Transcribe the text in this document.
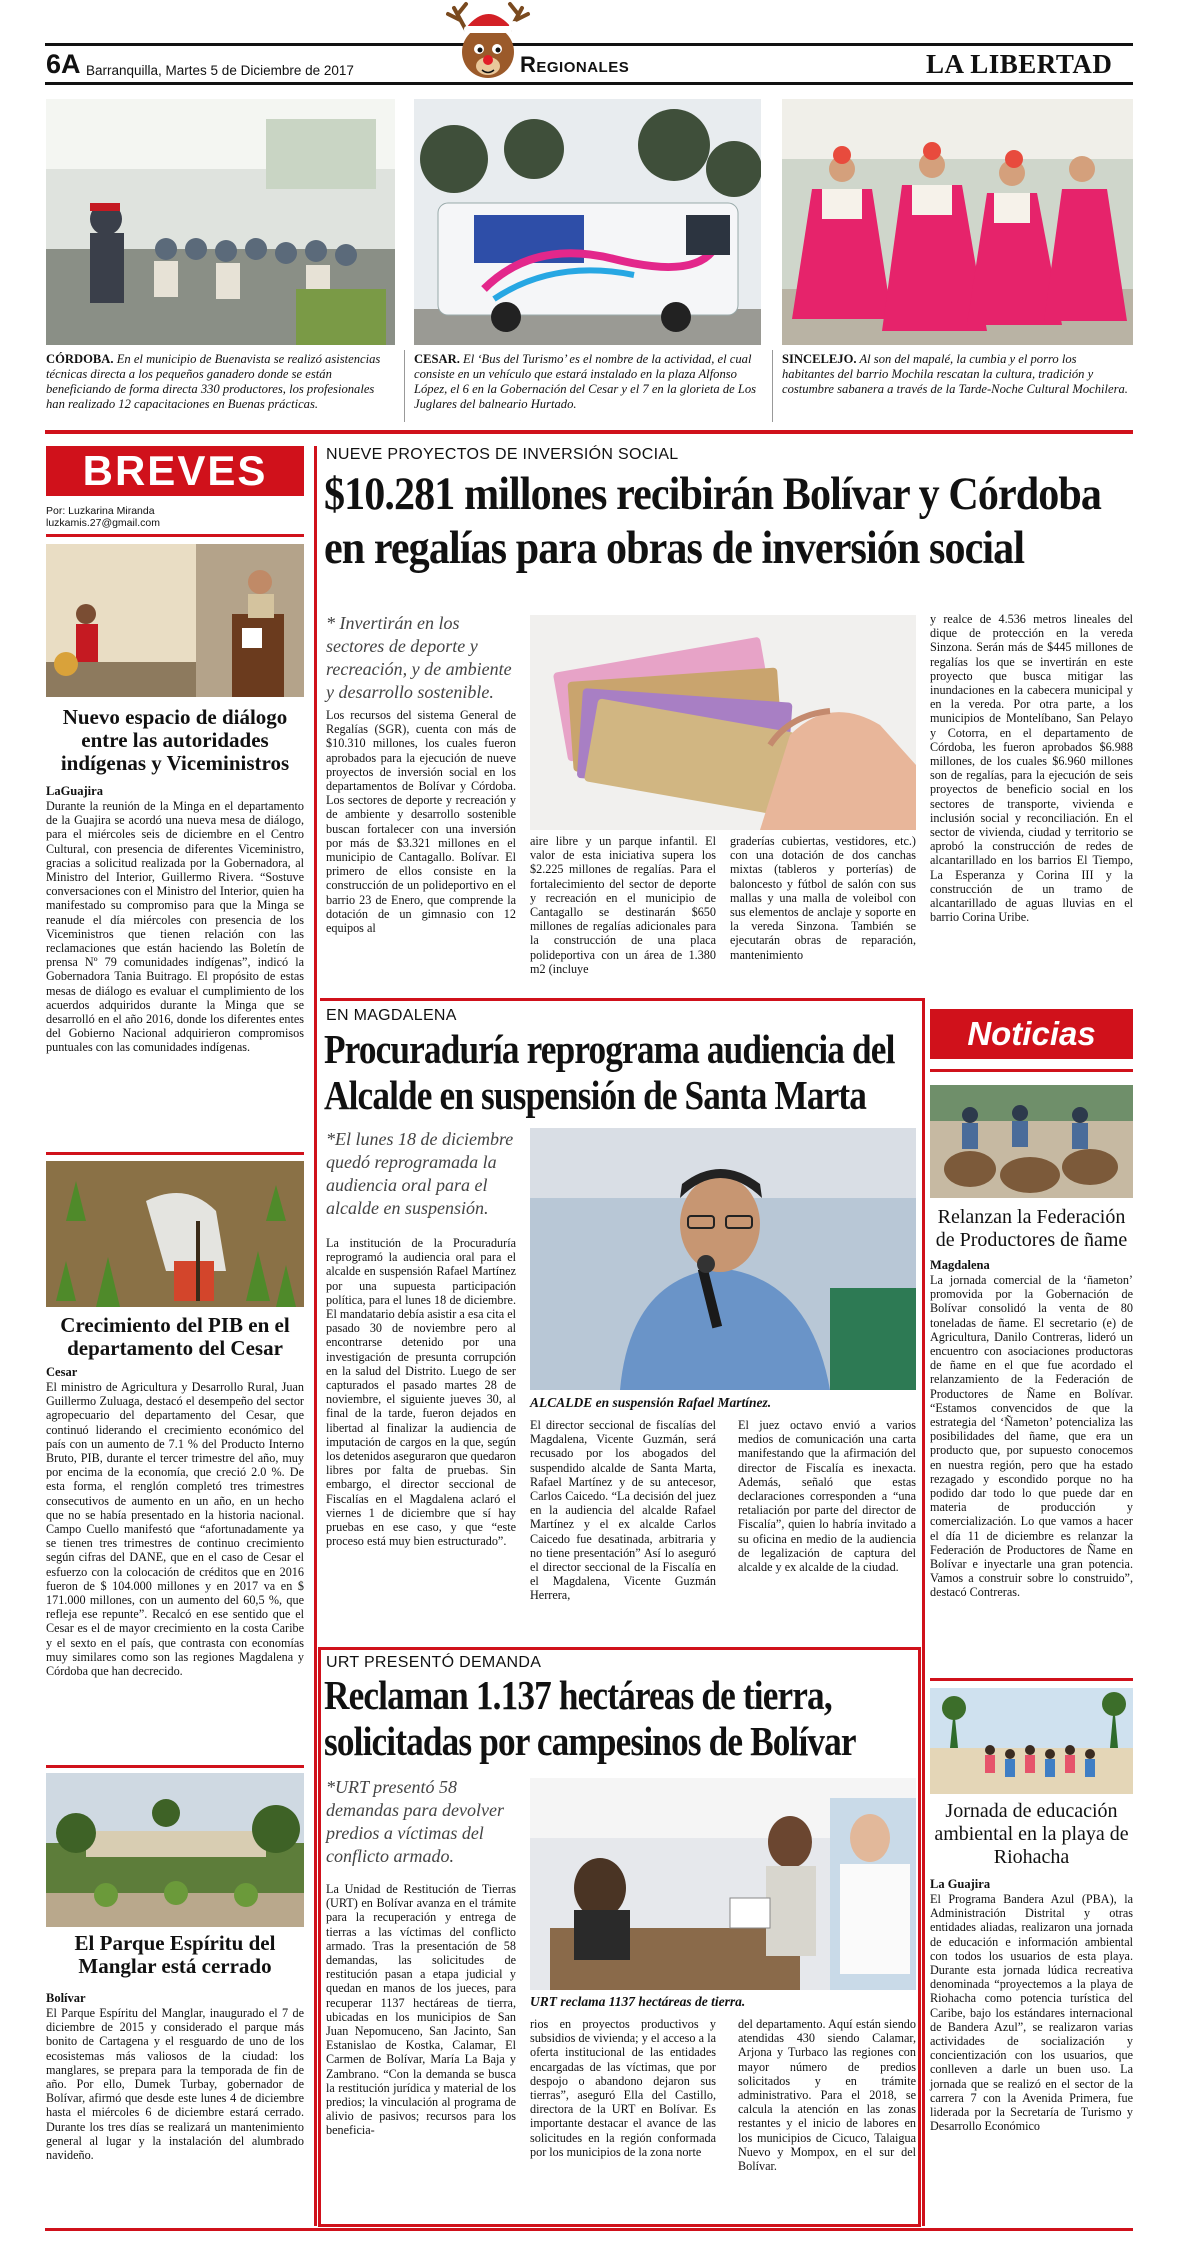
6A Barranquilla, Martes 5 de Diciembre de 2017	Regionales	LA LIBERTAD
CÓRDOBA. En el municipio de Buenavista se realizó asistencias técnicas directa a los pequeños ganadero donde se están beneficiando de forma directa 330 productores, los profesionales han realizado 12 capacitaciones en Buenas prácticas.
CESAR. El ‘Bus del Turismo’ es el nombre de la actividad, el cual consiste en un vehículo que estará instalado en la plaza Alfonso López, el 6 en la Gobernación del Cesar y el 7 en la glorieta de Los Juglares del balneario Hurtado.
SINCELEJO. Al son del mapalé, la cumbia y el porro los habitantes del barrio Mochila rescatan la cultura, tradición y costumbre sabanera a través de la Tarde-Noche Cultural Mochilera.
BREVES
Por: Luzkarina Miranda
luzkamis.27@gmail.com
Nuevo espacio de diálogo entre las autoridades indígenas y Viceministros
LaGuajira
Durante la reunión de la Minga en el departamento de la Guajira se acordó una nueva mesa de diálogo, para el miércoles seis de diciembre en el Centro Cultural, con presencia de diferentes Viceministro, gracias a solicitud realizada por la Gobernadora, al Ministro del Interior, Guillermo Rivera. “Sostuve conversaciones con el Ministro del Interior, quien ha manifestado su compromiso para que la Minga se reanude el día miércoles con presencia de los Viceministros que tienen relación con las reclamaciones que están haciendo las Boletín de prensa Nº 79 comunidades indígenas”, indicó la Gobernadora Tania Buitrago. El propósito de estas mesas de diálogo es evaluar el cumplimiento de los acuerdos adquiridos durante la Minga que se desarrolló en el año 2016, donde los diferentes entes del Gobierno Nacional adquirieron compromisos puntuales con las comunidades indígenas.
Crecimiento del PIB en el departamento del Cesar
Cesar
El ministro de Agricultura y Desarrollo Rural, Juan Guillermo Zuluaga, destacó el desempeño del sector agropecuario del departamento del Cesar, que continuó liderando el crecimiento económico del país con un aumento de 7.1 % del Producto Interno Bruto, PIB, durante el tercer trimestre del año, muy por encima de la economía, que creció 2.0 %. De esta forma, el renglón completó tres trimestres consecutivos de aumento en un año, en un hecho que no se había presentado en la historia nacional. Campo Cuello manifestó que “afortunadamente ya se tienen tres trimestres de continuo crecimiento según cifras del DANE, que en el caso de Cesar el esfuerzo con la colocación de créditos que en 2016 fueron de $ 104.000 millones y en 2017 va en $ 171.000 millones, con un aumento del 60,5 %, que refleja ese repunte”. Recalcó en ese sentido que el Cesar es el de mayor crecimiento en la costa Caribe y el sexto en el país, que contrasta con economías muy similares como son las regiones Magdalena y Córdoba que han decrecido.
El Parque Espíritu del Manglar está cerrado
Bolívar
El Parque Espíritu del Manglar, inaugurado el 7 de diciembre de 2015 y considerado el parque más bonito de Cartagena y el resguardo de uno de los ecosistemas más valiosos de la ciudad: los manglares, se prepara para la temporada de fin de año. Por ello, Dumek Turbay, gobernador de Bolívar, afirmó que desde este lunes 4 de diciembre hasta el miércoles 6 de diciembre estará cerrado. Durante los tres días se realizará un mantenimiento general al lugar y la instalación del alumbrado navideño.
NUEVE PROYECTOS DE INVERSIÓN SOCIAL
$10.281 millones recibirán Bolívar y Córdoba
en regalías para obras de inversión social
* Invertirán en los sectores de deporte y recreación, y de ambiente y desarrollo sostenible.
Los recursos del sistema General de Regalías (SGR), cuenta con más de $10.310 millones, los cuales fueron aprobados para la ejecución de nueve proyectos de inversión social en los departamentos de Bolívar y Córdoba. Los sectores de deporte y recreación y de ambiente y desarrollo sostenible buscan fortalecer con una inversión por más de $3.321 millones en el municipio de Cantagallo. Bolívar. El primero de ellos consiste en la construcción de un polideportivo en el barrio 23 de Enero, que comprende la dotación de un gimnasio con 12 equipos al
aire libre y un parque infantil. El valor de esta iniciativa supera los $2.225 millones de regalías. Para el fortalecimiento del sector de deporte y recreación en el municipio de Cantagallo se destinarán $650 millones de regalías adicionales para la construcción de una placa polideportiva con un área de 1.380 m2 (incluye
graderías cubiertas, vestidores, etc.) con una dotación de dos canchas mixtas (tableros y porterías) de baloncesto y fútbol de salón con sus mallas y una malla de voleibol con sus elementos de anclaje y soporte en la vereda Sinzona. También se ejecutarán obras de reparación, mantenimiento
y realce de 4.536 metros lineales del dique de protección en la vereda Sinzona. Serán más de $445 millones de regalías los que se invertirán en este proyecto que busca mitigar las inundaciones en la cabecera municipal y en la vereda. Por otra parte, a los municipios de Montelíbano, San Pelayo y Cotorra, en el departamento de Córdoba, les fueron aprobados $6.988 millones, de los cuales $6.960 millones son de regalías, para la ejecución de seis proyectos de beneficio social en los sectores de transporte, vivienda e inclusión social y reconciliación. En el sector de vivienda, ciudad y territorio se aprobó la construcción de redes de alcantarillado en los barrios El Tiempo, La Esperanza y Corina III y la construcción de un tramo de alcantarillado de aguas lluvias en el barrio Corina Uribe.
EN MAGDALENA
Procuraduría reprograma audiencia del
Alcalde en suspensión de Santa Marta
*El lunes 18 de diciembre quedó reprogramada la audiencia oral para el alcalde en suspensión.
La institución de la Procuraduría reprogramó la audiencia oral para el alcalde en suspensión Rafael Martínez por una supuesta participación política, para el lunes 18 de diciembre. El mandatario debía asistir a esa cita el pasado 30 de noviembre pero al encontrarse detenido por una investigación de presunta corrupción en la salud del Distrito. Luego de ser capturados el pasado martes 28 de noviembre, el siguiente jueves 30, al final de la tarde, fueron dejados en libertad al finalizar la audiencia de imputación de cargos en la que, según los detenidos aseguraron que quedaron libres por falta de pruebas. Sin embargo, el director seccional de Fiscalías en el Magdalena aclaró el viernes 1 de diciembre que sí hay pruebas en ese caso, y que “este proceso está muy bien estructurado”.
ALCALDE en suspensión Rafael Martínez.
El director seccional de fiscalías del Magdalena, Vicente Guzmán, será recusado por los abogados del suspendido alcalde de Santa Marta, Rafael Martínez y de su antecesor, Carlos Caicedo. “La decisión del juez en la audiencia del alcalde Rafael Martínez y el ex alcalde Carlos Caicedo fue desatinada, arbitraria y no tiene presentación” Así lo aseguró el director seccional de la Fiscalía en el Magdalena, Vicente Guzmán Herrera,
El juez octavo envió a varios medios de comunicación una carta manifestando que la afirmación del director de Fiscalía es inexacta. Además, señaló que estas declaraciones corresponden a “una retaliación por parte del director de Fiscalía”, quien lo habría invitado a su oficina en medio de la audiencia de legalización de captura del alcalde y ex alcalde de la ciudad.
URT PRESENTÓ DEMANDA
Reclaman 1.137 hectáreas de tierra,
solicitadas por campesinos de Bolívar
*URT presentó 58 demandas para devolver predios a víctimas del conflicto armado.
La Unidad de Restitución de Tierras (URT) en Bolívar avanza en el trámite para la recuperación y entrega de tierras a las víctimas del conflicto armado. Tras la presentación de 58 demandas, las solicitudes de restitución pasan a etapa judicial y quedan en manos de los jueces, para recuperar 1137 hectáreas de tierra, ubicadas en los municipios de San Juan Nepomuceno, San Jacinto, San Estanislao de Kostka, Calamar, El Carmen de Bolívar, María La Baja y Zambrano. “Con la demanda se busca la restitución jurídica y material de los predios; la vinculación al programa de alivio de pasivos; recursos para los beneficia-
URT reclama 1137 hectáreas de tierra.
rios en proyectos productivos y subsidios de vivienda; y el acceso a la oferta institucional de las entidades encargadas de las víctimas, que por despojo o abandono dejaron sus tierras”, aseguró Ella del Castillo, directora de la URT en Bolívar. Es importante destacar el avance de las solicitudes en la región conformada por los municipios de la zona norte
del departamento. Aquí están siendo atendidas 430 siendo Calamar, Arjona y Turbaco las regiones con mayor número de predios solicitados y en trámite administrativo. Para el 2018, se calcula la atención en las zonas restantes y el inicio de labores en los municipios de Cicuco, Talaigua Nuevo y Mompox, en el sur del Bolívar.
Noticias
Relanzan la Federación de Productores de ñame
Magdalena
La jornada comercial de la ‘ñameton’ promovida por la Gobernación de Bolívar consolidó la venta de 80 toneladas de ñame. El secretario (e) de Agricultura, Danilo Contreras, lideró un encuentro con asociaciones productoras de ñame en el que fue acordado el relanzamiento de la Federación de Productores de Ñame en Bolívar. “Estamos convencidos de que la estrategia del ‘Ñameton’ potencializa las posibilidades del ñame, que era un producto que, por supuesto conocemos en nuestra región, pero que ha estado rezagado y escondido porque no ha podido dar todo lo que puede dar en materia de producción y comercialización. Lo que vamos a hacer el día 11 de diciembre es relanzar la Federación de Productores de Ñame en Bolívar e inyectarle una gran potencia. Vamos a construir sobre lo construido”, destacó Contreras.
Jornada de educación ambiental en la playa de Riohacha
La Guajira
El Programa Bandera Azul (PBA), la Administración Distrital y otras entidades aliadas, realizaron una jornada de educación e información ambiental con todos los usuarios de esta playa. Durante esta jornada lúdica recreativa denominada “proyectemos a la playa de Riohacha como potencia turística del Caribe, bajo los estándares internacional de Bandera Azul”, se realizaron varias actividades de socialización y concientización con los usuarios, que conlleven a darle un buen uso. La jornada que se realizó en el sector de la carrera 7 con la Avenida Primera, fue liderada por la Secretaría de Turismo y Desarrollo Económico
